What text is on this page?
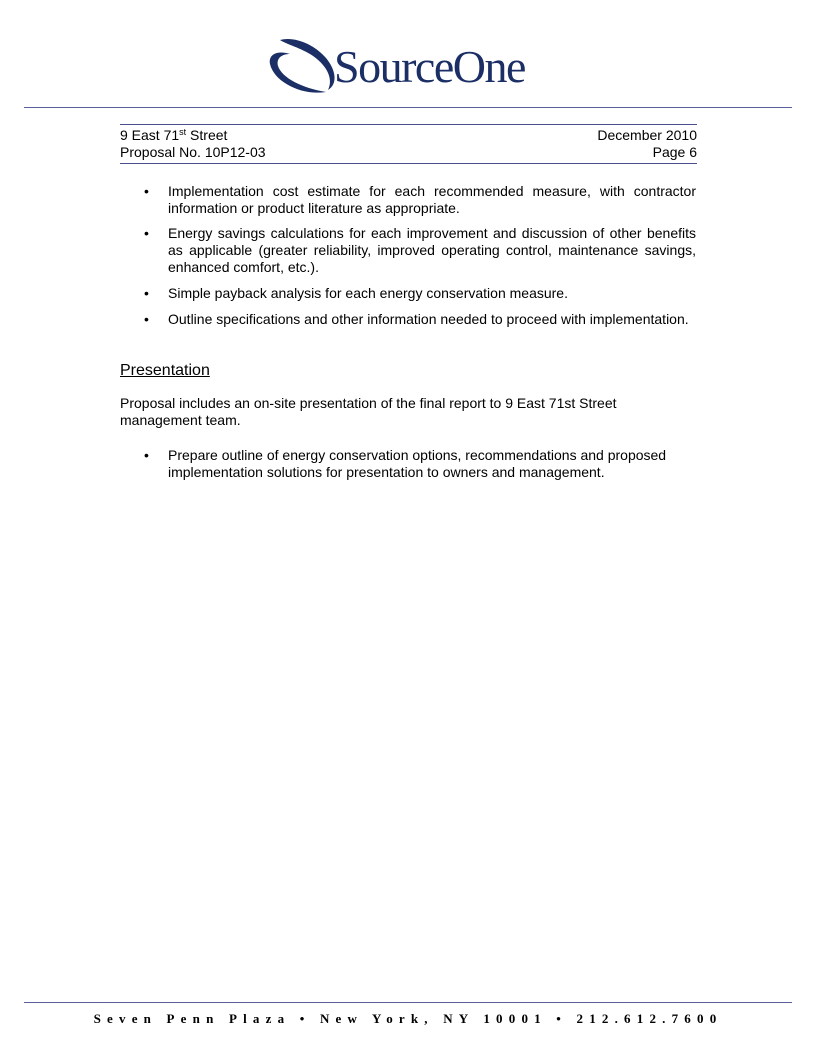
SourceOne
9 East 71st Street	December 2010
Proposal No. 10P12-03	Page 6
• Implementation cost estimate for each recommended measure, with contractor information or product literature as appropriate.
• Energy savings calculations for each improvement and discussion of other benefits as applicable (greater reliability, improved operating control, maintenance savings, enhanced comfort, etc.).
• Simple payback analysis for each energy conservation measure.
• Outline specifications and other information needed to proceed with implementation.
Presentation
Proposal includes an on-site presentation of the final report to 9 East 71st Street management team.
• Prepare outline of energy conservation options, recommendations and proposed implementation solutions for presentation to owners and management.
Seven Penn Plaza • New York, NY 10001 • 212.612.7600
